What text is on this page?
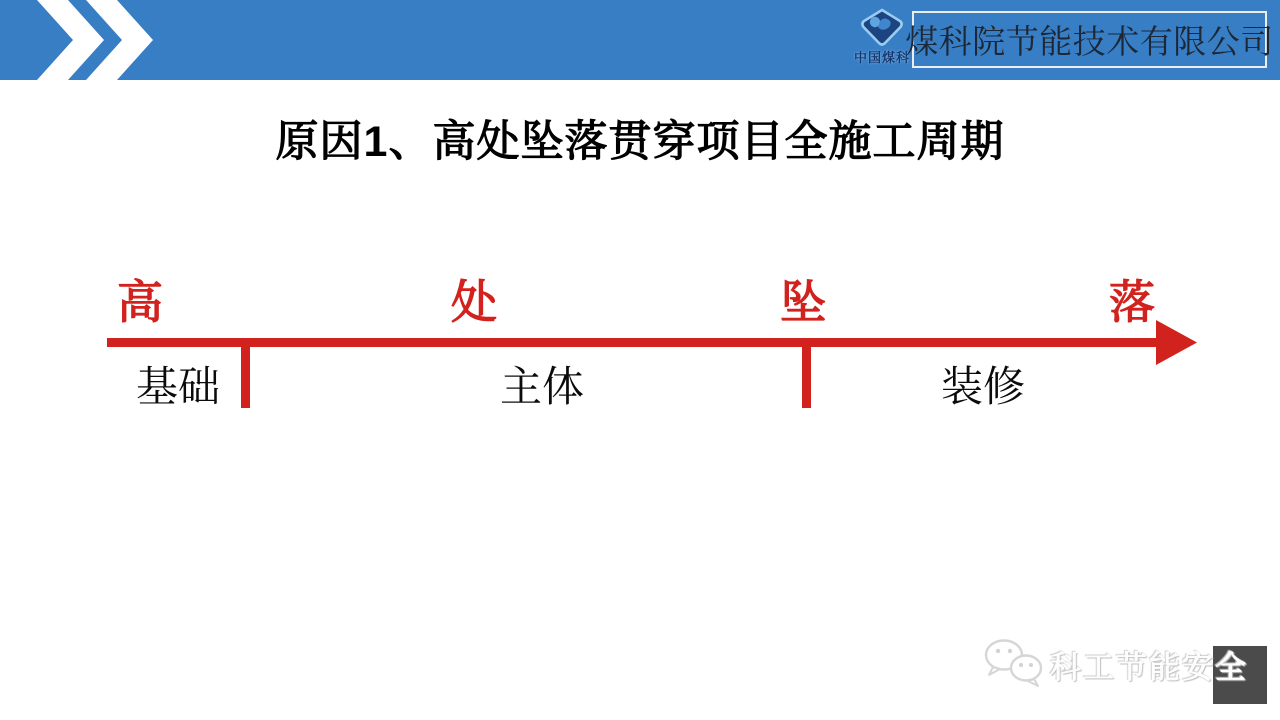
中国煤科
煤科院节能技术有限公司
原因1、高处坠落贯穿项目全施工周期
高	处	坠	落
基础	主体	装修
科工节能安全
